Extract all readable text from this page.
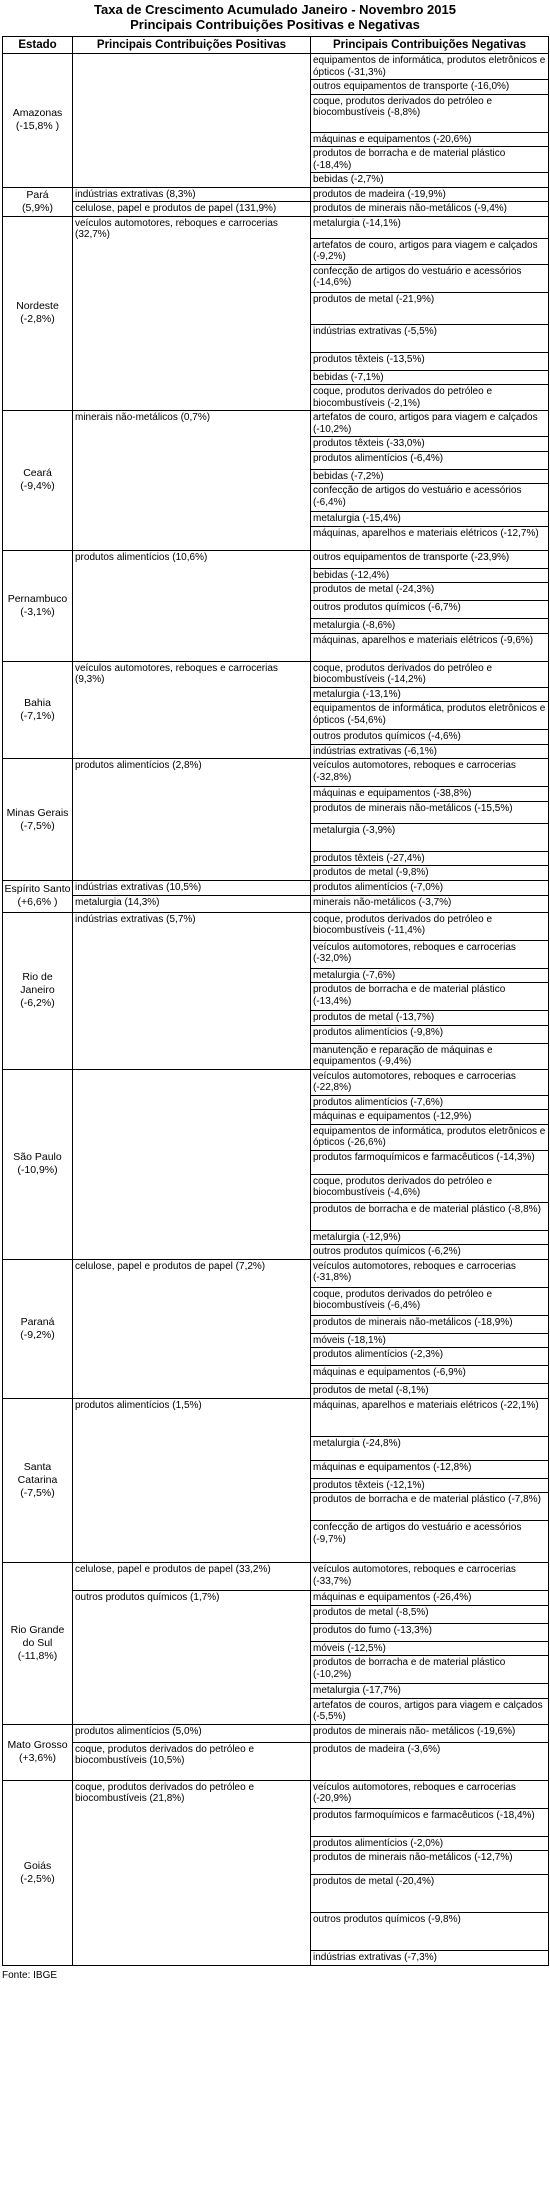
Taxa de Crescimento Acumulado Janeiro - Novembro 2015
Principais Contribuições Positivas e Negativas
Estado	Principais Contribuições Positivas	Principais Contribuições Negativas
Amazonas
(-15,8% )		equipamentos de informática, produtos eletrônicos e ópticos (-31,3%)
		outros equipamentos de transporte (-16,0%)
		coque, produtos derivados do petróleo e biocombustíveis (-8,8%)
		máquinas e equipamentos (-20,6%)
		produtos de borracha e de material plástico (-18,4%)
		bebidas (-2,7%)
Pará
(5,9%)	indústrias extrativas (8,3%)	produtos de madeira (-19,9%)
	celulose, papel e produtos de papel (131,9%)	produtos de minerais não-metálicos (-9,4%)
Nordeste
(-2,8%)	veículos automotores, reboques e carrocerias (32,7%)	metalurgia (-14,1%)
		artefatos de couro, artigos para viagem e calçados (-9,2%)
		confecção de artigos do vestuário e acessórios (-14,6%)
		produtos de metal (-21,9%)
		indústrias extrativas (-5,5%)
		produtos têxteis (-13,5%)
		bebidas (-7,1%)
		coque, produtos derivados do petróleo e biocombustíveis (-2,1%)
Ceará
(-9,4%)	minerais não-metálicos (0,7%)	artefatos de couro, artigos para viagem e calçados (-10,2%)
		produtos têxteis (-33,0%)
		produtos alimentícios (-6,4%)
		bebidas (-7,2%)
		confecção de artigos do vestuário e acessórios (-6,4%)
		metalurgia (-15,4%)
		máquinas, aparelhos e materiais elétricos (-12,7%)
Pernambuco
(-3,1%)	produtos alimentícios (10,6%)	outros equipamentos de transporte (-23,9%)
		bebidas (-12,4%)
		produtos de metal (-24,3%)
		outros produtos químicos (-6,7%)
		metalurgia (-8,6%)
		máquinas, aparelhos e materiais elétricos (-9,6%)
Bahia
(-7,1%)	veículos automotores, reboques e carrocerias (9,3%)	coque, produtos derivados do petróleo e biocombustíveis (-14,2%)
		metalurgia (-13,1%)
		equipamentos de informática, produtos eletrônicos e ópticos (-54,6%)
		outros produtos químicos (-4,6%)
		indústrias extrativas (-6,1%)
Minas Gerais
(-7,5%)	produtos alimentícios (2,8%)	veículos automotores, reboques e carrocerias (-32,8%)
		máquinas e equipamentos (-38,8%)
		produtos de minerais não-metálicos (-15,5%)
		metalurgia (-3,9%)
		produtos têxteis (-27,4%)
		produtos de metal (-9,8%)
Espírito Santo
(+6,6% )	indústrias extrativas (10,5%)	produtos alimentícios (-7,0%)
	metalurgia (14,3%)	minerais não-metálicos (-3,7%)
Rio de
Janeiro
(-6,2%)	indústrias extrativas (5,7%)	coque, produtos derivados do petróleo e biocombustíveis (-11,4%)
		veículos automotores, reboques e carrocerias (-32,0%)
		metalurgia (-7,6%)
		produtos de borracha e de material plástico (-13,4%)
		produtos de metal (-13,7%)
		produtos alimentícios (-9,8%)
		manutenção e reparação de máquinas e equipamentos (-9,4%)
São Paulo
(-10,9%)		veículos automotores, reboques e carrocerias (-22,8%)
		produtos alimentícios (-7,6%)
		máquinas e equipamentos (-12,9%)
		equipamentos de informática, produtos eletrônicos e ópticos (-26,6%)
		produtos farmoquímicos e farmacêuticos (-14,3%)
		coque, produtos derivados do petróleo e biocombustíveis (-4,6%)
		produtos de borracha e de material plástico (-8,8%)
		metalurgia (-12,9%)
		outros produtos químicos (-6,2%)
Paraná
(-9,2%)	celulose, papel e produtos de papel (7,2%)	veículos automotores, reboques e carrocerias (-31,8%)
		coque, produtos derivados do petróleo e biocombustíveis (-6,4%)
		produtos de minerais não-metálicos (-18,9%)
		móveis (-18,1%)
		produtos alimentícios (-2,3%)
		máquinas e equipamentos (-6,9%)
		produtos de metal (-8,1%)
Santa
Catarina
(-7,5%)	produtos alimentícios (1,5%)	máquinas, aparelhos e materiais elétricos (-22,1%)
		metalurgia (-24,8%)
		máquinas e equipamentos (-12,8%)
		produtos têxteis (-12,1%)
		produtos de borracha e de material plástico (-7,8%)
		confecção de artigos do vestuário e acessórios (-9,7%)
Rio Grande
do Sul
(-11,8%)	celulose, papel e produtos de papel (33,2%)	veículos automotores, reboques e carrocerias (-33,7%)
	outros produtos químicos (1,7%)	máquinas e equipamentos (-26,4%)
		produtos de metal (-8,5%)
		produtos do fumo (-13,3%)
		móveis (-12,5%)
		produtos de borracha e de material plástico (-10,2%)
		metalurgia (-17,7%)
		artefatos de couros, artigos para viagem e calçados (-5,5%)
Mato Grosso
(+3,6%)	produtos alimentícios (5,0%)	produtos de minerais não- metálicos (-19,6%)
	coque, produtos derivados do petróleo e biocombustíveis (10,5%)	produtos de madeira (-3,6%)
Goiás
(-2,5%)	coque, produtos derivados do petróleo e biocombustíveis (21,8%)	veículos automotores, reboques e carrocerias (-20,9%)
		produtos farmoquímicos e farmacêuticos (-18,4%)
		produtos alimentícios (-2,0%)
		produtos de minerais não-metálicos (-12,7%)
		produtos de metal (-20,4%)
		outros produtos químicos (-9,8%)
		indústrias extrativas (-7,3%)
Fonte: IBGE
